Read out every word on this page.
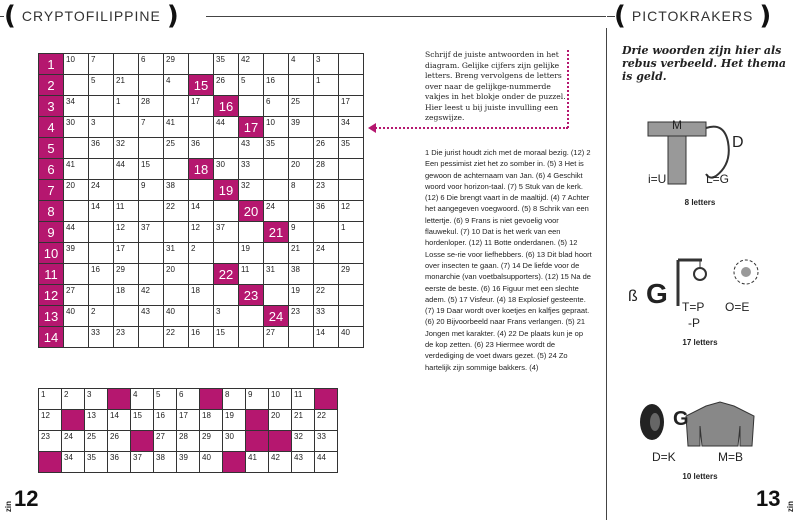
( CRYPTOFILIPPINE )	( PICTOKRAKERS )
1	10	7		6	29		35	42		4	3	

2		5	21		4	15	26	5	16		1	

3	34		1	28		17	16		6	25		17

4	30	3		7	41		44	17	10	39		34

5		36	32		25	36		43	35		26	35

6	41		44	15		18	30	33		20	28	

7	20	24		9	38		19	32		8	23	

8		14	11		22	14		20	24		36	12

9	44		12	37		12	37		21	9		1

10	39		17		31	2		19		21	24	

11		16	29		20		22	11	31	38		29

12	27		18	42		18		23		19	22	

13	40	2		43	40		3		24	23	33	

14		33	23		22	16	15		27		14	40
1	2	3		4	5	6		8	9	10	11	

12		13	14	15	16	17	18	19		20	21	22

23	24	25	26		27	28	29	30			32	33

	34	35	36	37	38	39	40		41	42	43	44
Schrijf de juiste antwoorden in het diagram. Gelijke cijfers zijn gelijke letters. Breng vervolgens de letters over naar de gelijkge-nummerde vakjes in het blokje onder de puzzel. Hier leest u bij juiste invulling een zegswijze.
1 Die jurist houdt zich met de moraal bezig. (12) 2 Een pessimist ziet het zo somber in. (5) 3 Het is gewoon de achternaam van Jan. (6) 4 Geschikt woord voor horizon-taal. (7) 5 Stuk van de kerk. (12) 6 Die brengt vaart in de maaltijd. (4) 7 Achter het aangegeven voegwoord. (5) 8 Schrik van een lettertje. (6) 9 Frans is niet gevoelig voor flauwekul. (7) 10 Dat is het werk van een hordenloper. (12) 11 Botte onderdanen. (5) 12 Losse se-rie voor liefhebbers. (6) 13 Dit blad hoort over insecten te gaan. (7) 14 De liefde voor de monarchie (van voetbalsupporters). (12) 15 Na de eerste de beste. (6) 16 Figuur met een slechte adem. (5) 17 Visfeur. (4) 18 Explosief gesteente. (7) 19 Daar wordt over koetjes en kalfjes gepraat. (6) 20 Bijvoorbeeld naar Frans verlangen. (5) 21 Jongen met karakter. (4) 22 De plaats kun je op de kop zetten. (6) 23 Hiermee wordt de verdediging de voet dwars gezet. (5) 24 Zo hartelijk zijn sommige bakkers. (4)
Drie woorden zijn hier als rebus verbeeld. Het thema is geld.
M
D
i=U	L=G
8 letters
ß G T=P
-P
O=E
17 letters
G
D=K	M=B
10 letters
zin 12	13 zin
